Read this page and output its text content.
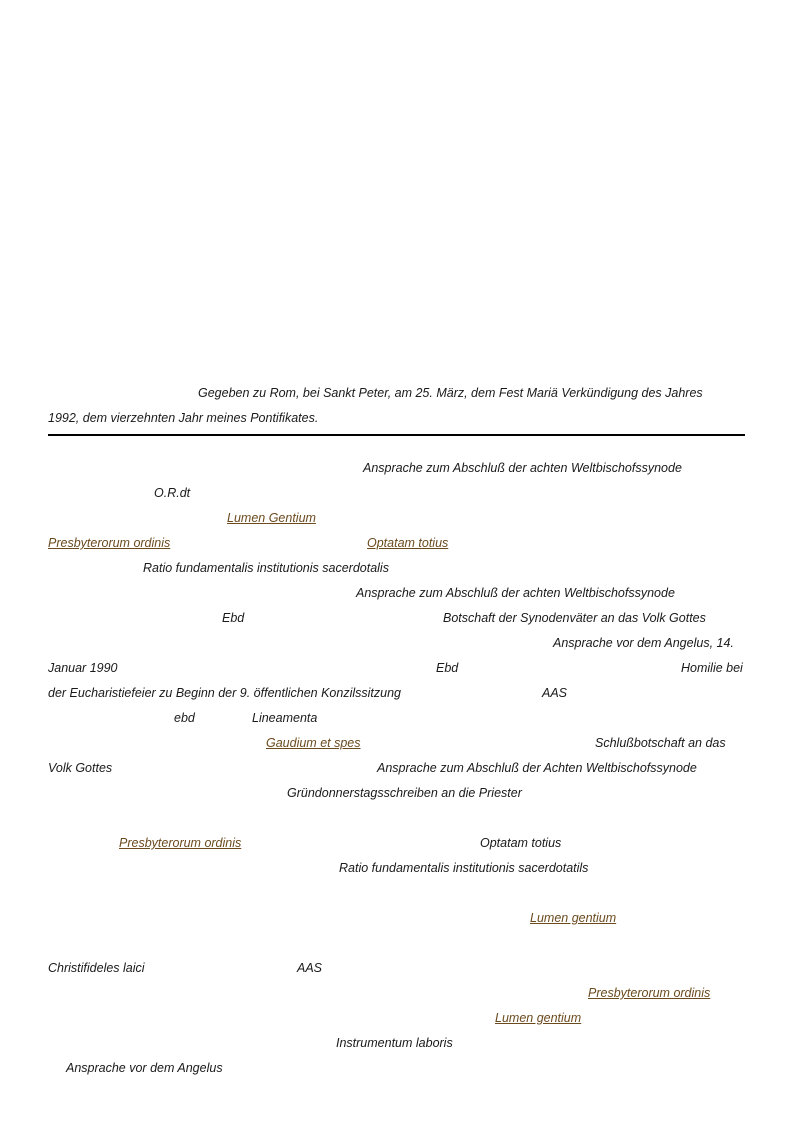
Gegeben zu Rom, bei Sankt Peter, am 25. März, dem Fest Mariä Verkündigung des Jahres
1992, dem vierzehnten Jahr meines Pontifikates.
Ansprache zum Abschluß der achten Weltbischofssynode
O.R.dt
Lumen Gentium
Presbyterorum ordinis	Optatam totius
Ratio fundamentalis institutionis sacerdotalis
Ansprache zum Abschluß der achten Weltbischofssynode
Ebd	Botschaft der Synodenväter an das Volk Gottes
Ansprache vor dem Angelus, 14.
Januar 1990	Ebd	Homilie bei
der Eucharistiefeier zu Beginn der 9. öffentlichen Konzilssitzung	AAS
ebd	Lineamenta
Gaudium et spes	Schlußbotschaft an das
Volk Gottes	Ansprache zum Abschluß der Achten Weltbischofssynode
Gründonnerstagsschreiben an die Priester
Presbyterorum ordinis	Optatam totius
Ratio fundamentalis institutionis sacerdotatils
Lumen gentium
Christifideles laici	AAS
Presbyterorum ordinis
Lumen gentium
Instrumentum laboris
Ansprache vor dem Angelus
